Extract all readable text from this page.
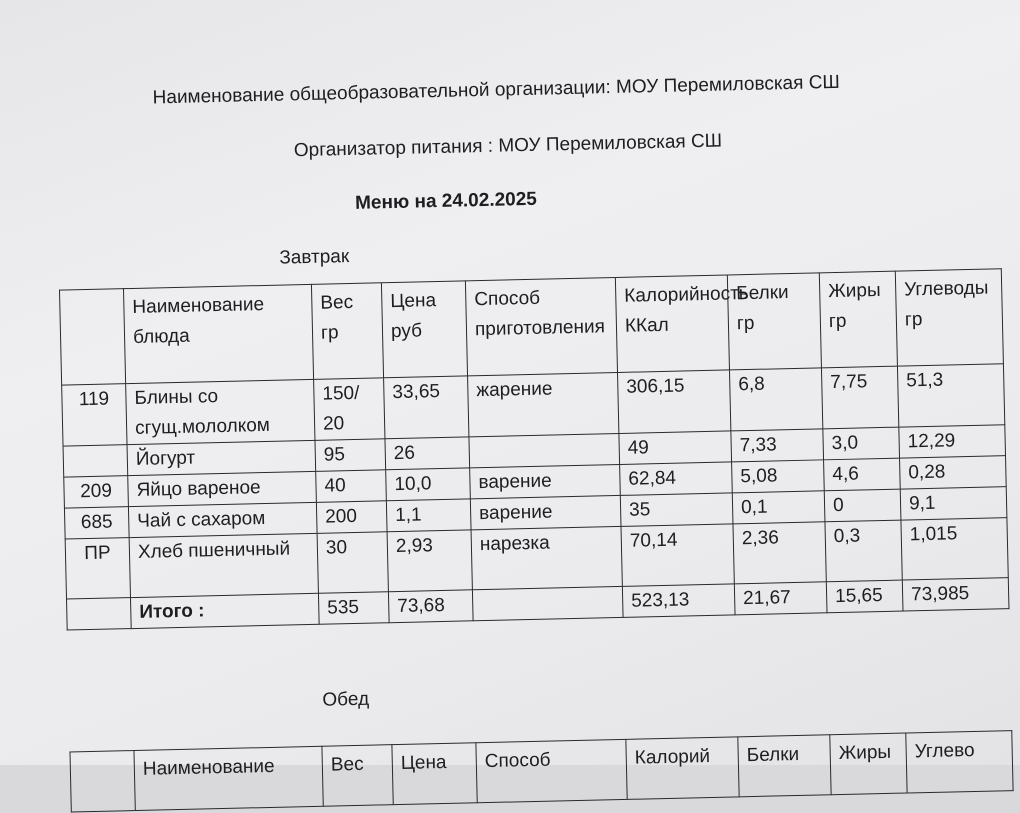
Наименование общеобразовательной организации: МОУ Перемиловская СШ
Организатор питания : МОУ Перемиловская СШ
Меню на 24.02.2025
Завтрак
	Наименование блюда	Вес гр	Цена руб	Способ приготовления	Калорийность ККал	Белки гр	Жиры гр	Углеводы гр
119	Блины со сгущ.мололком	150/ 20	33,65	жарение	306,15	6,8	7,75	51,3
	Йогурт	95	26		49	7,33	3,0	12,29
209	Яйцо вареное	40	10,0	варение	62,84	5,08	4,6	0,28
685	Чай с сахаром	200	1,1	варение	35	0,1	0	9,1
ПР	Хлеб пшеничный	30	2,93	нарезка	70,14	2,36	0,3	1,015
	Итого :	535	73,68		523,13	21,67	15,65	73,985
Обед
	Наименование	Вес	Цена	Способ	Калорий	Белки	Жиры	Углево
